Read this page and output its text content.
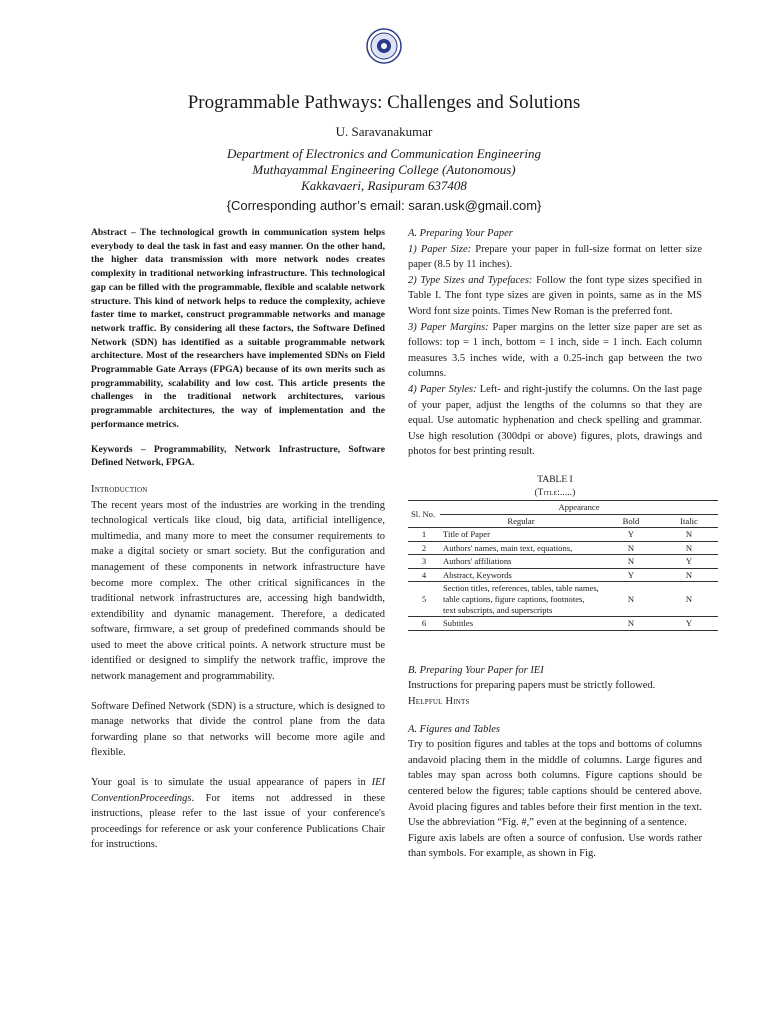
Programmable Pathways: Challenges and Solutions
U. Saravanakumar
Department of Electronics and Communication Engineering
Muthayammal Engineering College (Autonomous)
Kakkavaeri, Rasipuram 637408
{Corresponding author’s email: saran.usk@gmail.com}

Abstract – The technological growth in communication system helps everybody to deal the task in fast and easy manner. On the other hand, the higher data transmission with more network nodes creates complexity in traditional networking infrastructure. This technological gap can be filled with the programmable, flexible and scalable network structure. This kind of network helps to reduce the complexity, achieve faster time to market, construct programmable networks and manage network traffic. By considering all these factors, the Software Defined Network (SDN) has identified as a suitable programmable network architecture. Most of the researchers have implemented SDNs on Field Programmable Gate Arrays (FPGA) because of its own merits such as programmability, scalability and low cost. This article presents the challenges in the traditional network architectures, various programmable architectures, the way of implementation and the performance metrics.

Keywords – Programmability, Network Infrastructure, Software Defined Network, FPGA.

Introduction

The recent years most of the industries are working in the trending technological verticals like cloud, big data, artificial intelligence, multimedia, and many more to meet the consumer requirements to make a digital society or smart society. But the configuration and management of these components in network infrastructure have become more complex. The other critical significances in the traditional network infrastructures are, accessing high bandwidth, extendibility and dynamic management. Therefore, a dedicated software, firmware, a set group of predefined commands should be used to meet the above critical points. A network structure must be identified or designed to simplify the network traffic, improve the network management and programmability.

Software Defined Network (SDN) is a structure, which is designed to manage networks that divide the control plane from the data forwarding plane so that networks will become more agile and flexible.

Your goal is to simulate the usual appearance of papers in IEI ConventionProceedings. For items not addressed in these instructions, please refer to the last issue of your conference's proceedings for reference or ask your conference Publications Chair for instructions.

A. Preparing Your Paper

1) Paper Size: Prepare your paper in full-size format on letter size paper (8.5 by 11 inches).

2) Type Sizes and Typefaces: Follow the font type sizes specified in Table I. The font type sizes are given in points, same as in the MS Word font size points. Times New Roman is the preferred font.

3) Paper Margins: Paper margins on the letter size paper are set as follows: top = 1 inch, bottom = 1 inch, side = 1 inch. Each column measures 3.5 inches wide, with a 0.25-inch gap between the two columns.

4) Paper Styles: Left- and right-justify the columns. On the last page of your paper, adjust the lengths of the columns so that they are equal. Use automatic hyphenation and check spelling and grammar. Use high resolution (300dpi or above) figures, plots, drawings and photos for best printing result.

TABLE I
(Title:.....)
Sl. No.	Appearance		
	Regular	Bold	Italic
1	Title of Paper	Y	N
2	Authors' names, main text, equations,	N	N
3	Authors' affiliations	N	Y
4	Abstract, Keywords	Y	N
5	Section titles, references, tables, table names, table captions, figure captions, footnotes, text subscripts, and superscripts	N	N
6	Subtitles	N	Y

B. Preparing Your Paper for IEI

Instructions for preparing papers must be strictly followed.

Helpful Hints

A. Figures and Tables

Try to position figures and tables at the tops and bottoms of columns andavoid placing them in the middle of columns. Large figures and tables may span across both columns. Figure captions should be centered below the figures; table captions should be centered above. Avoid placing figures and tables before their first mention in the text. Use the abbreviation “Fig. #,” even at the beginning of a sentence.

Figure axis labels are often a source of confusion. Use words rather than symbols. For example, as shown in Fig.
